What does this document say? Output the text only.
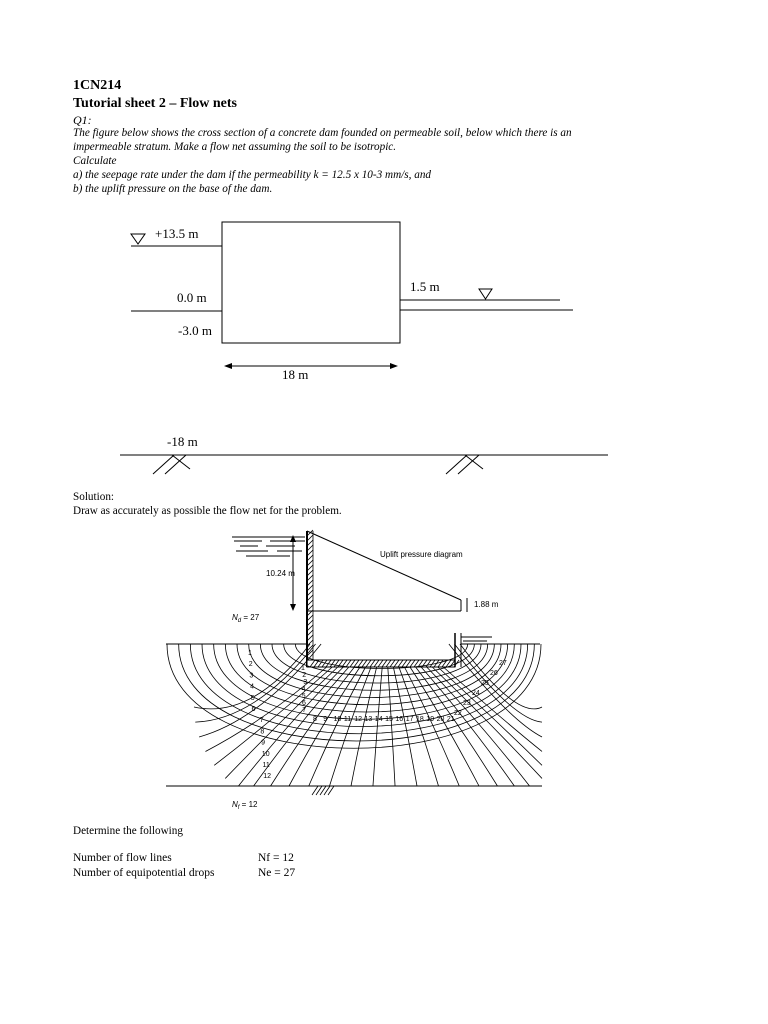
1CN214
Tutorial sheet 2 – Flow nets
Q1:
The figure below shows the cross section of a concrete dam founded on permeable soil, below which there is an
impermeable stratum. Make a flow net assuming the soil to be isotropic.
Calculate
a) the seepage rate under the dam if the permeability k = 12.5 x 10-3 mm/s, and
b) the uplift pressure on the base of the dam.
+13.5 m
0.0 m
-3.0 m
1.5 m
18 m
-18 m
Solution:
Draw as accurately as possible the flow net for the problem.
Uplift pressure diagram
10.24 m
1.88 m
$N_d = 27$
$N_f = 12$
1
2
3
4
5
6
7
8
9
10
11
12
1
2
3
4
5
6
7
8 9 10 11 12 13 14 15 16 17 18 19 20 21
22
23
24
25
26
27
Determine the following
Number of flow lines	Nf = 12
Number of equipotential drops	Ne = 27
